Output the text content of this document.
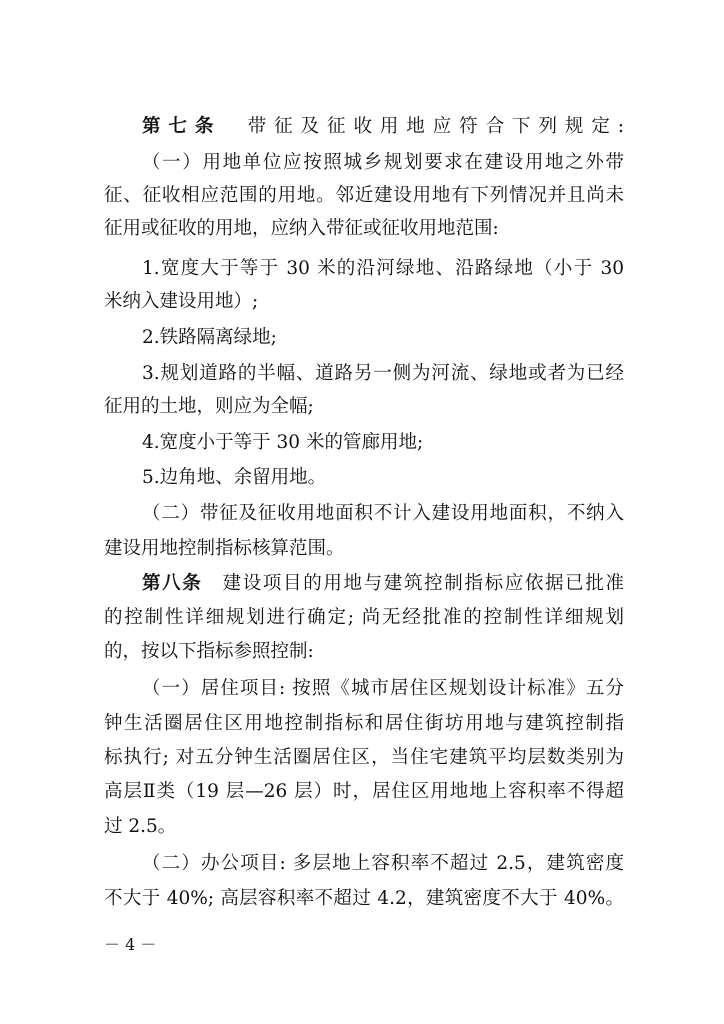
第七条　带征及征收用地应符合下列规定:
（一）用地单位应按照城乡规划要求在建设用地之外带
征、征收相应范围的用地。邻近建设用地有下列情况并且尚未
征用或征收的用地，应纳入带征或征收用地范围:
1.宽度大于等于 30 米的沿河绿地、沿路绿地（小于 30
米纳入建设用地）;
2.铁路隔离绿地;
3.规划道路的半幅、道路另一侧为河流、绿地或者为已经
征用的土地，则应为全幅;
4.宽度小于等于 30 米的管廊用地;
5.边角地、余留用地。
（二）带征及征收用地面积不计入建设用地面积，不纳入
建设用地控制指标核算范围。
第八条　建设项目的用地与建筑控制指标应依据已批准
的控制性详细规划进行确定; 尚无经批准的控制性详细规划
的，按以下指标参照控制:
（一）居住项目: 按照《城市居住区规划设计标准》五分
钟生活圈居住区用地控制指标和居住街坊用地与建筑控制指
标执行; 对五分钟生活圈居住区，当住宅建筑平均层数类别为
高层Ⅱ类（19 层—26 层）时，居住区用地地上容积率不得超
过 2.5。
（二）办公项目: 多层地上容积率不超过 2.5，建筑密度
不大于 40%; 高层容积率不超过 4.2，建筑密度不大于 40%。
－ 4 －
